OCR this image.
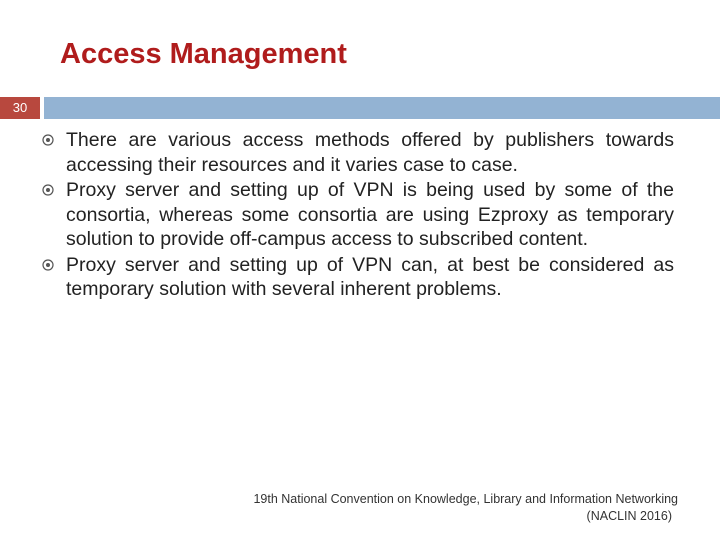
Access Management
30
There are various access methods offered by publishers towards accessing their resources and it varies case to case.
Proxy server and setting up of VPN is being used by some of the consortia, whereas some consortia are using Ezproxy as temporary solution to provide off-campus access to subscribed content.
Proxy server and setting up of VPN can, at best be considered as temporary solution with several inherent problems.
19th National Convention on Knowledge, Library and Information Networking
(NACLIN 2016)
